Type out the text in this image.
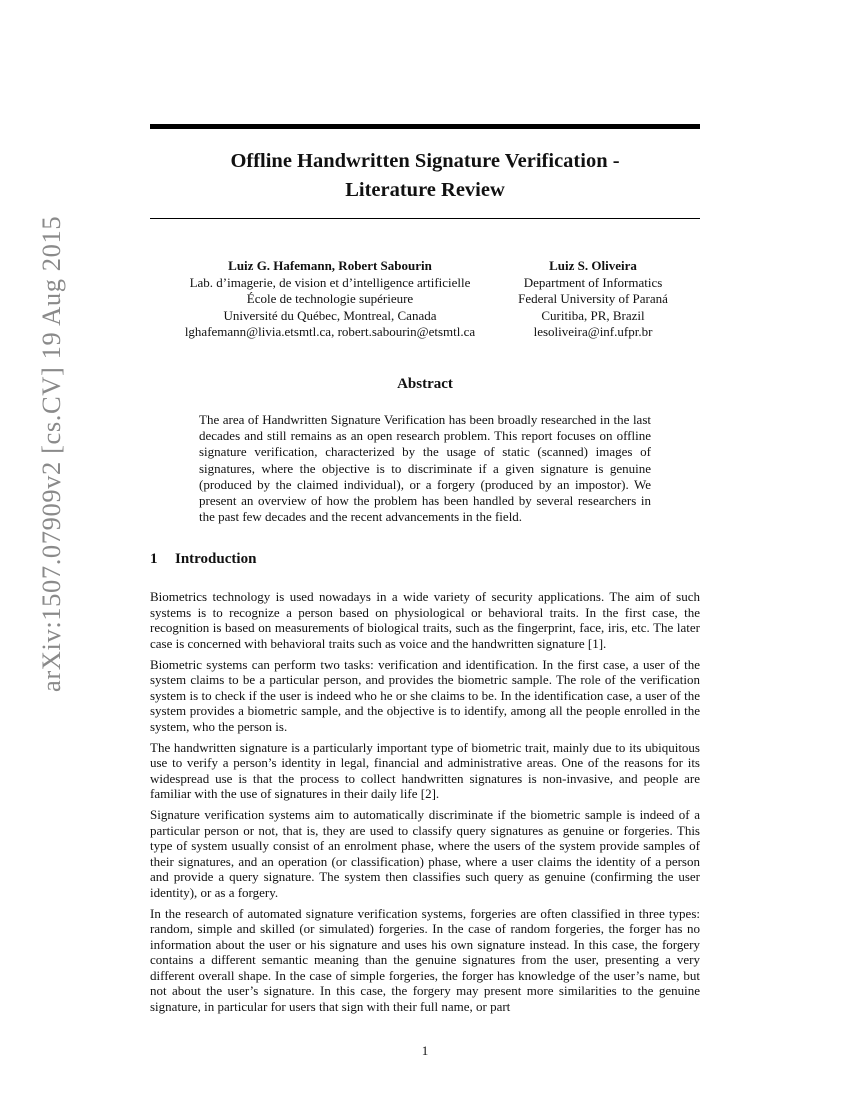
arXiv:1507.07909v2 [cs.CV] 19 Aug 2015
Offline Handwritten Signature Verification -
Literature Review
Luiz G. Hafemann, Robert Sabourin
Lab. d’imagerie, de vision et d’intelligence artificielle
École de technologie supérieure
Université du Québec, Montreal, Canada
lghafemann@livia.etsmtl.ca, robert.sabourin@etsmtl.ca
Luiz S. Oliveira
Department of Informatics
Federal University of Paraná
Curitiba, PR, Brazil
lesoliveira@inf.ufpr.br
Abstract

The area of Handwritten Signature Verification has been broadly researched in the last decades and still remains as an open research problem. This report focuses on offline signature verification, characterized by the usage of static (scanned) images of signatures, where the objective is to discriminate if a given signature is genuine (produced by the claimed individual), or a forgery (produced by an impostor). We present an overview of how the problem has been handled by several researchers in the past few decades and the recent advancements in the field.

1 Introduction

Biometrics technology is used nowadays in a wide variety of security applications. The aim of such systems is to recognize a person based on physiological or behavioral traits. In the first case, the recognition is based on measurements of biological traits, such as the fingerprint, face, iris, etc. The later case is concerned with behavioral traits such as voice and the handwritten signature [1].

Biometric systems can perform two tasks: verification and identification. In the first case, a user of the system claims to be a particular person, and provides the biometric sample. The role of the verification system is to check if the user is indeed who he or she claims to be. In the identification case, a user of the system provides a biometric sample, and the objective is to identify, among all the people enrolled in the system, who the person is.

The handwritten signature is a particularly important type of biometric trait, mainly due to its ubiquitous use to verify a person’s identity in legal, financial and administrative areas. One of the reasons for its widespread use is that the process to collect handwritten signatures is non-invasive, and people are familiar with the use of signatures in their daily life [2].

Signature verification systems aim to automatically discriminate if the biometric sample is indeed of a particular person or not, that is, they are used to classify query signatures as genuine or forgeries. This type of system usually consist of an enrolment phase, where the users of the system provide samples of their signatures, and an operation (or classification) phase, where a user claims the identity of a person and provide a query signature. The system then classifies such query as genuine (confirming the user identity), or as a forgery.

In the research of automated signature verification systems, forgeries are often classified in three types: random, simple and skilled (or simulated) forgeries. In the case of random forgeries, the forger has no information about the user or his signature and uses his own signature instead. In this case, the forgery contains a different semantic meaning than the genuine signatures from the user, presenting a very different overall shape. In the case of simple forgeries, the forger has knowledge of the user’s name, but not about the user’s signature. In this case, the forgery may present more similarities to the genuine signature, in particular for users that sign with their full name, or part

1
